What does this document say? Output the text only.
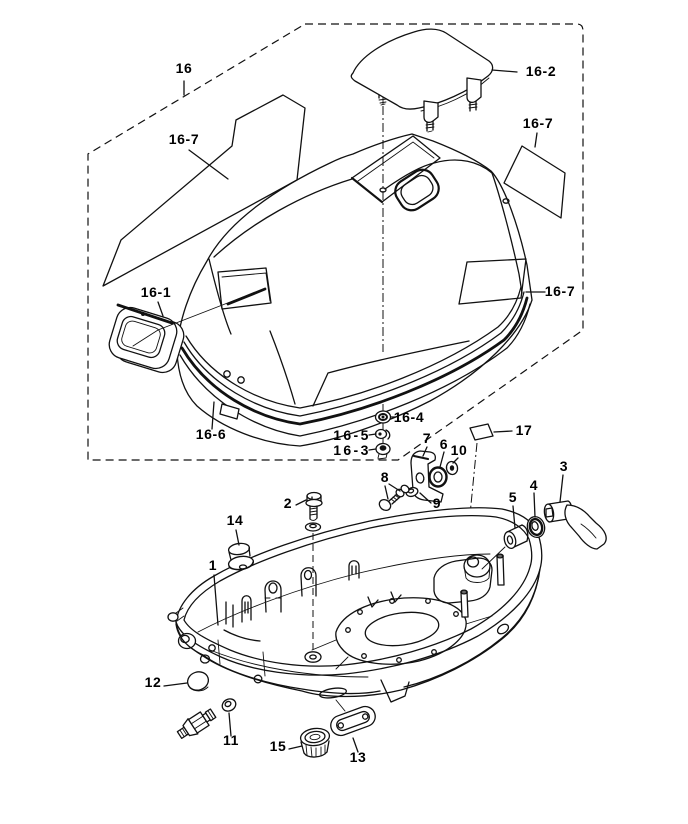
16	16-2
16-7
16-7
16-1	16-7
16-6
16-4
16-5
16-3
17
7 6 10
8
9
2
3
4
5
14
1
12
11 15
13
